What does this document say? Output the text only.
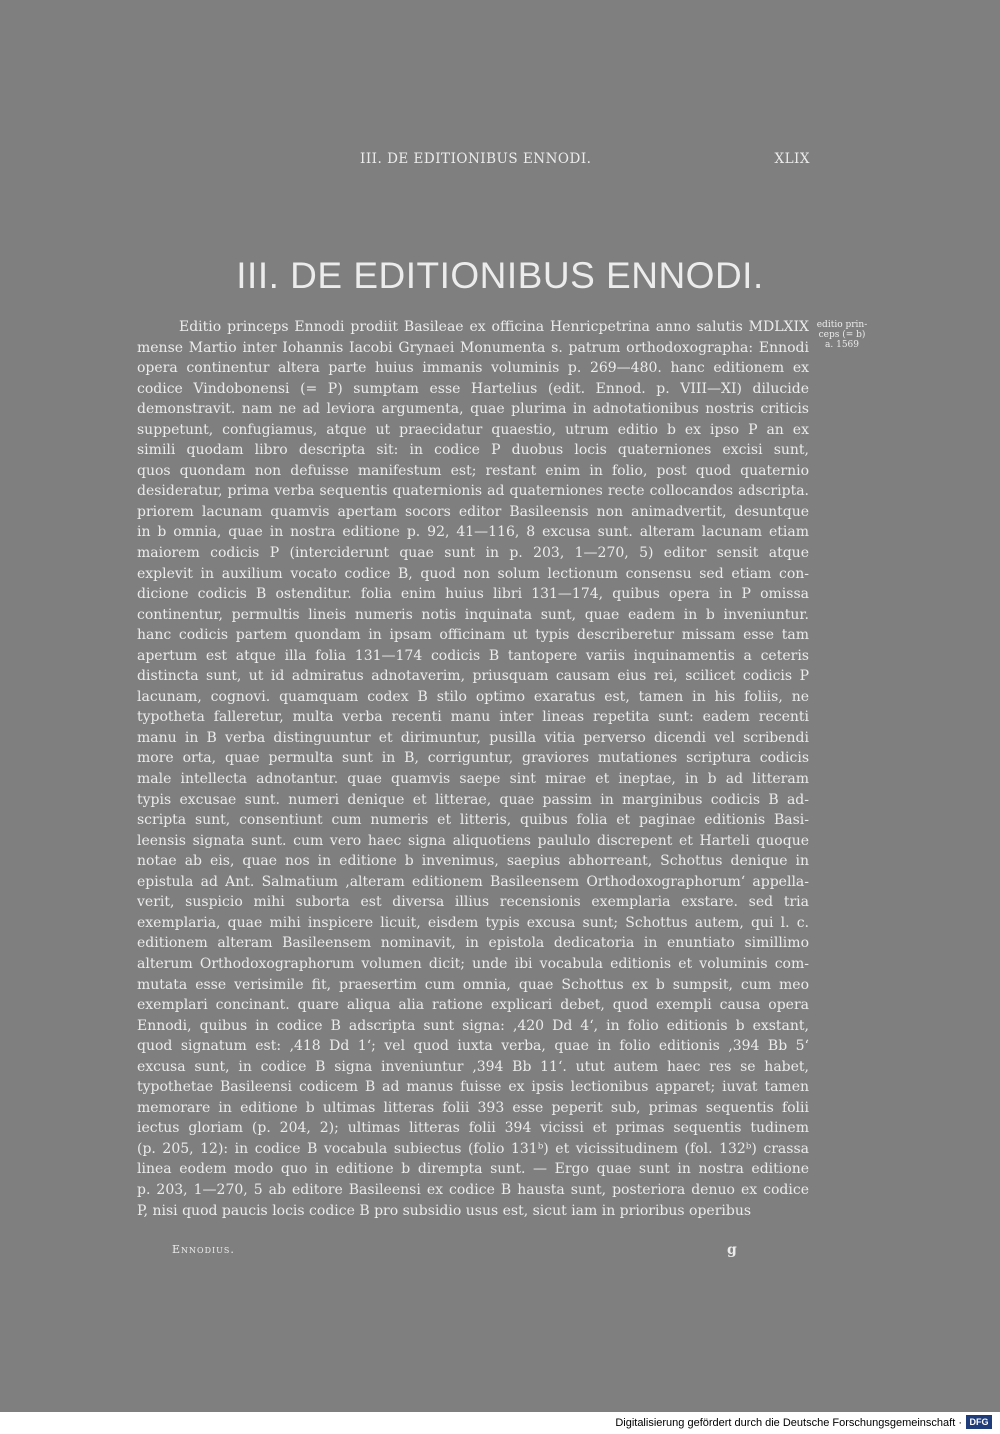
III. DE EDITIONIBUS ENNODI.	XLIX
III. DE EDITIONIBUS ENNODI.
editio prin-
ceps (= b)
a. 1569
Editio princeps Ennodi prodiit Basileae ex officina Henricpetrina anno salutis MDLXIX
mense Martio inter Iohannis Iacobi Grynaei Monumenta s. patrum orthodoxographa: Ennodi
opera continentur altera parte huius immanis voluminis p. 269—480. hanc editionem ex
codice Vindobonensi (= P) sumptam esse Hartelius (edit. Ennod. p. VIII—XI) dilucide
demonstravit. nam ne ad leviora argumenta, quae plurima in adnotationibus nostris criticis
suppetunt, confugiamus, atque ut praecidatur quaestio, utrum editio b ex ipso P an ex
simili quodam libro descripta sit: in codice P duobus locis quaterniones excisi sunt,
quos quondam non defuisse manifestum est; restant enim in folio, post quod quaternio
desideratur, prima verba sequentis quaternionis ad quaterniones recte collocandos adscripta.
priorem lacunam quamvis apertam socors editor Basileensis non animadvertit, desuntque
in b omnia, quae in nostra editione p. 92, 41—116, 8 excusa sunt. alteram lacunam etiam
maiorem codicis P (interciderunt quae sunt in p. 203, 1—270, 5) editor sensit atque
explevit in auxilium vocato codice B, quod non solum lectionum consensu sed etiam con-
dicione codicis B ostenditur. folia enim huius libri 131—174, quibus opera in P omissa
continentur, permultis lineis numeris notis inquinata sunt, quae eadem in b inveniuntur.
hanc codicis partem quondam in ipsam officinam ut typis describeretur missam esse tam
apertum est atque illa folia 131—174 codicis B tantopere variis inquinamentis a ceteris
distincta sunt, ut id admiratus adnotaverim, priusquam causam eius rei, scilicet codicis P
lacunam, cognovi. quamquam codex B stilo optimo exaratus est, tamen in his foliis, ne
typotheta falleretur, multa verba recenti manu inter lineas repetita sunt: eadem recenti
manu in B verba distinguuntur et dirimuntur, pusilla vitia perverso dicendi vel scribendi
more orta, quae permulta sunt in B, corriguntur, graviores mutationes scriptura codicis
male intellecta adnotantur. quae quamvis saepe sint mirae et ineptae, in b ad litteram
typis excusae sunt. numeri denique et litterae, quae passim in marginibus codicis B ad-
scripta sunt, consentiunt cum numeris et litteris, quibus folia et paginae editionis Basi-
leensis signata sunt. cum vero haec signa aliquotiens paululo discrepent et Harteli quoque
notae ab eis, quae nos in editione b invenimus, saepius abhorreant, Schottus denique in
epistula ad Ant. Salmatium ‚alteram editionem Basileensem Orthodoxographorum‘ appella-
verit, suspicio mihi suborta est diversa illius recensionis exemplaria exstare. sed tria
exemplaria, quae mihi inspicere licuit, eisdem typis excusa sunt; Schottus autem, qui l. c.
editionem alteram Basileensem nominavit, in epistola dedicatoria in enuntiato simillimo
alterum Orthodoxographorum volumen dicit; unde ibi vocabula editionis et voluminis com-
mutata esse verisimile fit, praesertim cum omnia, quae Schottus ex b sumpsit, cum meo
exemplari concinant. quare aliqua alia ratione explicari debet, quod exempli causa opera
Ennodi, quibus in codice B adscripta sunt signa: ‚420 Dd 4‘, in folio editionis b exstant,
quod signatum est: ‚418 Dd 1‘; vel quod iuxta verba, quae in folio editionis ‚394 Bb 5‘
excusa sunt, in codice B signa inveniuntur ‚394 Bb 11‘. utut autem haec res se habet,
typothetae Basileensi codicem B ad manus fuisse ex ipsis lectionibus apparet; iuvat tamen
memorare in editione b ultimas litteras folii 393 esse peperit sub, primas sequentis folii
iectus gloriam (p. 204, 2); ultimas litteras folii 394 vicissi et primas sequentis tudinem
(p. 205, 12): in codice B vocabula subiectus (folio 131ᵇ) et vicissitudinem (fol. 132ᵇ) crassa
linea eodem modo quo in editione b dirempta sunt. — Ergo quae sunt in nostra editione
p. 203, 1—270, 5 ab editore Basileensi ex codice B hausta sunt, posteriora denuo ex codice
P, nisi quod paucis locis codice B pro subsidio usus est, sicut iam in prioribus operibus
Ennodius.	g
Digitalisierung gefördert durch die Deutsche Forschungsgemeinschaft · DFG
